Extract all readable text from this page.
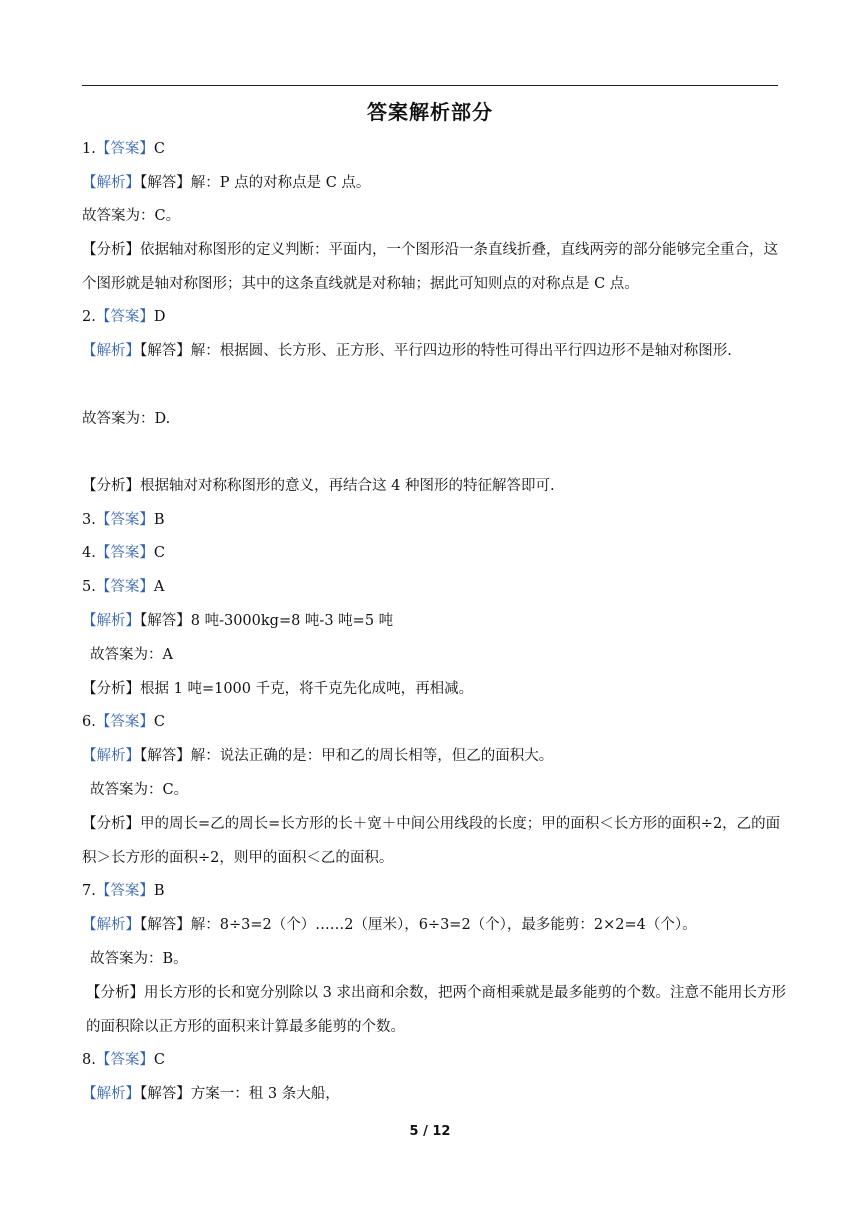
答案解析部分
1.【答案】C
【解析】【解答】解：P 点的对称点是 C 点。
故答案为：C。
【分析】依据轴对称图形的定义判断：平面内，一个图形沿一条直线折叠，直线两旁的部分能够完全重合，这个图形就是轴对称图形；其中的这条直线就是对称轴；据此可知则点的对称点是 C 点。
2.【答案】D
【解析】【解答】解：根据圆、长方形、正方形、平行四边形的特性可得出平行四边形不是轴对称图形.
故答案为：D.
【分析】根据轴对对称称图形的意义，再结合这 4 种图形的特征解答即可.
3.【答案】B
4.【答案】C
5.【答案】A
【解析】【解答】8 吨-3000kg=8 吨-3 吨=5 吨
故答案为：A
【分析】根据 1 吨=1000 千克，将千克先化成吨，再相减。
6.【答案】C
【解析】【解答】解：说法正确的是：甲和乙的周长相等，但乙的面积大。
故答案为：C。
【分析】甲的周长=乙的周长=长方形的长＋宽＋中间公用线段的长度；甲的面积＜长方形的面积÷2，乙的面积＞长方形的面积÷2，则甲的面积＜乙的面积。
7.【答案】B
【解析】【解答】解：8÷3=2（个）……2（厘米），6÷3=2（个），最多能剪：2×2=4（个）。
故答案为：B。
【分析】用长方形的长和宽分别除以 3 求出商和余数，把两个商相乘就是最多能剪的个数。注意不能用长方形的面积除以正方形的面积来计算最多能剪的个数。
8.【答案】C
【解析】【解答】方案一：租 3 条大船，
5 / 12
